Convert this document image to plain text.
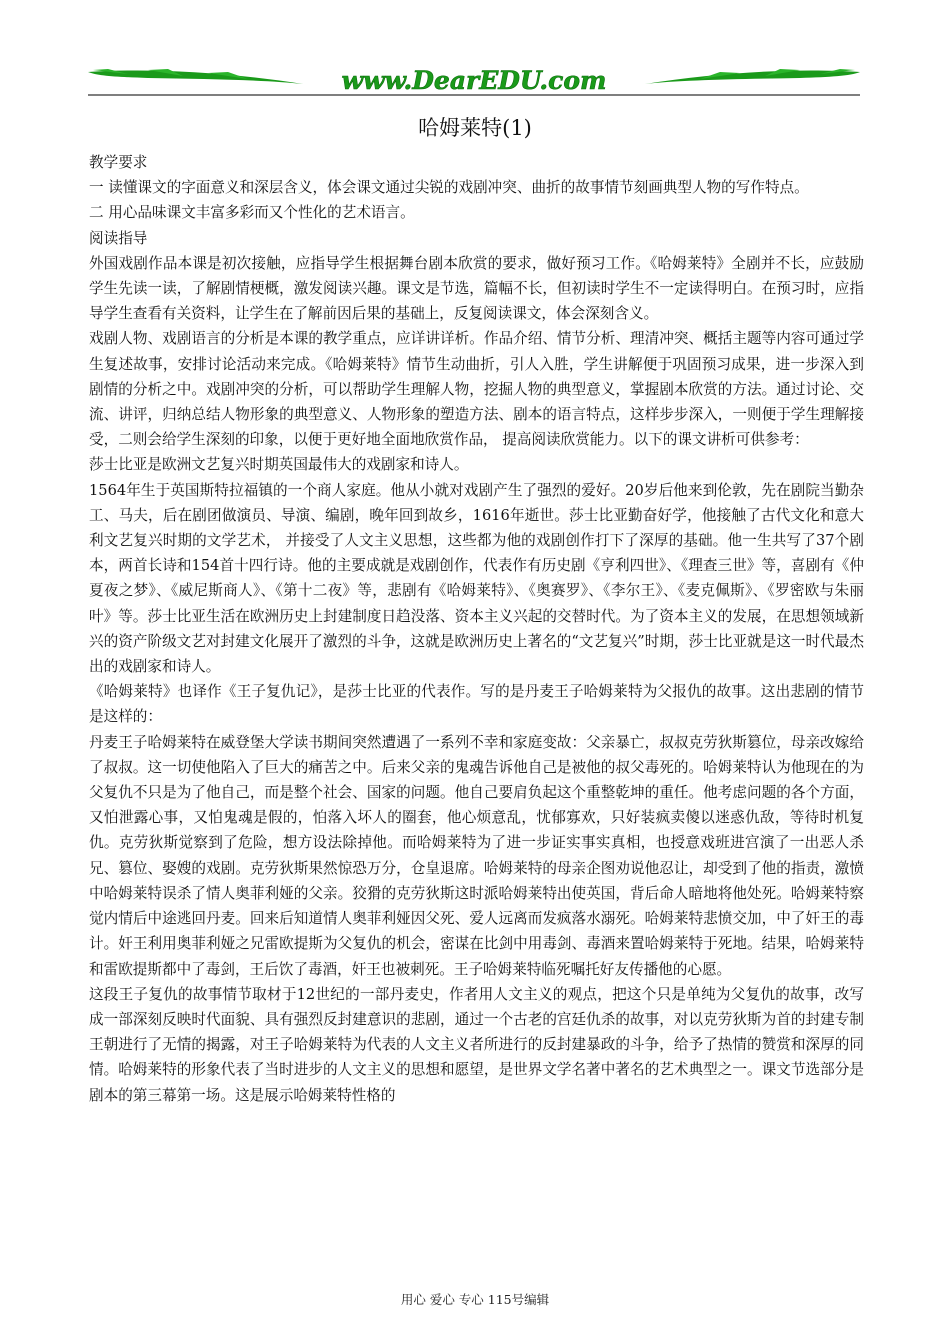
www.DearEDU.com
哈姆莱特(1)

教学要求

一 读懂课文的字面意义和深层含义，体会课文通过尖锐的戏剧冲突、曲折的故事情节刻画典型人物的写作特点。

二 用心品味课文丰富多彩而又个性化的艺术语言。

阅读指导

外国戏剧作品本课是初次接触，应指导学生根据舞台剧本欣赏的要求，做好预习工作。《哈姆莱特》全剧并不长，应鼓励学生先读一读，了解剧情梗概，激发阅读兴趣。课文是节选，篇幅不长，但初读时学生不一定读得明白。在预习时，应指导学生查看有关资料，让学生在了解前因后果的基础上，反复阅读课文，体会深刻含义。

戏剧人物、戏剧语言的分析是本课的教学重点，应详讲详析。作品介绍、情节分析、理清冲突、概括主题等内容可通过学生复述故事，安排讨论活动来完成。《哈姆莱特》情节生动曲折，引人入胜，学生讲解便于巩固预习成果，进一步深入到剧情的分析之中。戏剧冲突的分析，可以帮助学生理解人物，挖掘人物的典型意义，掌握剧本欣赏的方法。通过讨论、交流、讲评，归纳总结人物形象的典型意义、人物形象的塑造方法、剧本的语言特点，这样步步深入，一则便于学生理解接受，二则会给学生深刻的印象，以便于更好地全面地欣赏作品， 提高阅读欣赏能力。以下的课文讲析可供参考：

莎士比亚是欧洲文艺复兴时期英国最伟大的戏剧家和诗人。

1564年生于英国斯特拉福镇的一个商人家庭。他从小就对戏剧产生了强烈的爱好。20岁后他来到伦敦，先在剧院当勤杂工、马夫，后在剧团做演员、导演、编剧，晚年回到故乡，1616年逝世。莎士比亚勤奋好学，他接触了古代文化和意大利文艺复兴时期的文学艺术， 并接受了人文主义思想，这些都为他的戏剧创作打下了深厚的基础。他一生共写了37个剧本，两首长诗和154首十四行诗。他的主要成就是戏剧创作，代表作有历史剧《亨利四世》、《理查三世》等，喜剧有《仲夏夜之梦》、《威尼斯商人》、《第十二夜》等，悲剧有《哈姆莱特》、《奥赛罗》、《李尔王》、《麦克佩斯》、《罗密欧与朱丽叶》等。莎士比亚生活在欧洲历史上封建制度日趋没落、资本主义兴起的交替时代。为了资本主义的发展，在思想领域新兴的资产阶级文艺对封建文化展开了激烈的斗争，这就是欧洲历史上著名的“文艺复兴”时期，莎士比亚就是这一时代最杰出的戏剧家和诗人。

《哈姆莱特》也译作《王子复仇记》，是莎士比亚的代表作。写的是丹麦王子哈姆莱特为父报仇的故事。这出悲剧的情节是这样的：

丹麦王子哈姆莱特在威登堡大学读书期间突然遭遇了一系列不幸和家庭变故：父亲暴亡，叔叔克劳狄斯篡位，母亲改嫁给了叔叔。这一切使他陷入了巨大的痛苦之中。后来父亲的鬼魂告诉他自己是被他的叔父毒死的。哈姆莱特认为他现在的为父复仇不只是为了他自己，而是整个社会、国家的问题。他自己要肩负起这个重整乾坤的重任。他考虑问题的各个方面，又怕泄露心事，又怕鬼魂是假的，怕落入坏人的圈套，他心烦意乱，忧郁寡欢，只好装疯卖傻以迷惑仇敌，等待时机复仇。克劳狄斯觉察到了危险，想方设法除掉他。而哈姆莱特为了进一步证实事实真相，也授意戏班进宫演了一出恶人杀兄、篡位、娶嫂的戏剧。克劳狄斯果然惊恐万分，仓皇退席。哈姆莱特的母亲企图劝说他忍让，却受到了他的指责，激愤中哈姆莱特误杀了情人奥菲利娅的父亲。狡猾的克劳狄斯这时派哈姆莱特出使英国，背后命人暗地将他处死。哈姆莱特察觉内情后中途逃回丹麦。回来后知道情人奥菲利娅因父死、爱人远离而发疯落水溺死。哈姆莱特悲愤交加，中了奸王的毒计。奸王利用奥菲利娅之兄雷欧提斯为父复仇的机会，密谋在比剑中用毒剑、毒酒来置哈姆莱特于死地。结果，哈姆莱特和雷欧提斯都中了毒剑，王后饮了毒酒，奸王也被刺死。王子哈姆莱特临死嘱托好友传播他的心愿。

这段王子复仇的故事情节取材于12世纪的一部丹麦史，作者用人文主义的观点，把这个只是单纯为父复仇的故事，改写成一部深刻反映时代面貌、具有强烈反封建意识的悲剧，通过一个古老的宫廷仇杀的故事，对以克劳狄斯为首的封建专制王朝进行了无情的揭露，对王子哈姆莱特为代表的人文主义者所进行的反封建暴政的斗争，给予了热情的赞赏和深厚的同情。哈姆莱特的形象代表了当时进步的人文主义的思想和愿望，是世界文学名著中著名的艺术典型之一。课文节选部分是剧本的第三幕第一场。这是展示哈姆莱特性格的

用心 爱心 专心 115号编辑
